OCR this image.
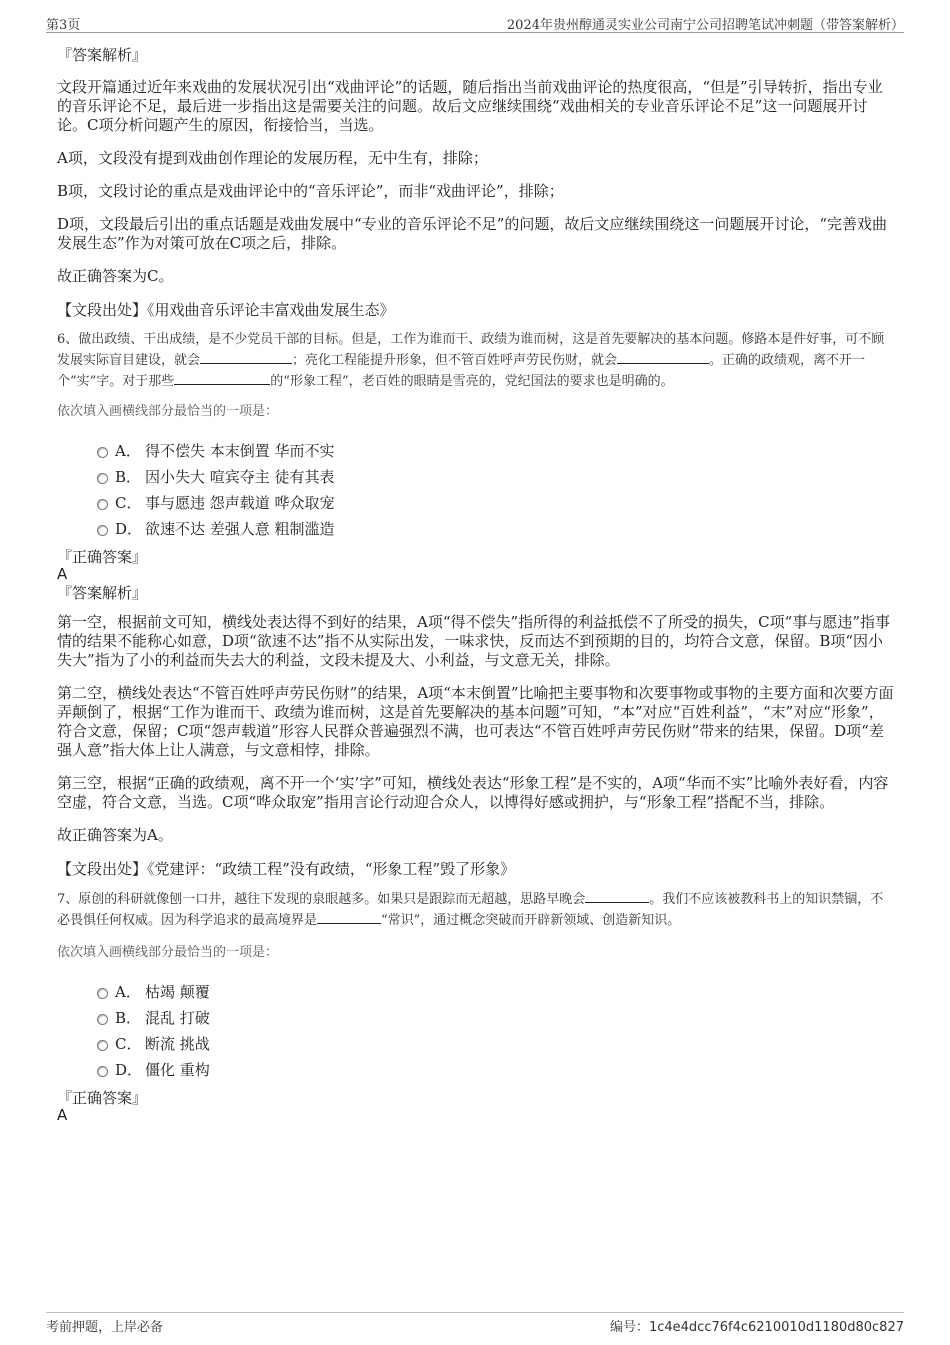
第3页	2024年贵州醇通灵实业公司南宁公司招聘笔试冲刺题（带答案解析）

『答案解析』

文段开篇通过近年来戏曲的发展状况引出“戏曲评论”的话题，随后指出当前戏曲评论的热度很高，“但是”引导转折，指出专业的音乐评论不足，最后进一步指出这是需要关注的问题。故后文应继续围绕“戏曲相关的专业音乐评论不足”这一问题展开讨论。C项分析问题产生的原因，衔接恰当，当选。

A项，文段没有提到戏曲创作理论的发展历程，无中生有，排除；

B项，文段讨论的重点是戏曲评论中的“音乐评论”，而非“戏曲评论”，排除；

D项，文段最后引出的重点话题是戏曲发展中“专业的音乐评论不足”的问题，故后文应继续围绕这一问题展开讨论，“完善戏曲发展生态”作为对策可放在C项之后，排除。

故正确答案为C。

【文段出处】《用戏曲音乐评论丰富戏曲发展生态》

6、做出政绩、干出成绩，是不少党员干部的目标。但是，工作为谁而干、政绩为谁而树，这是首先要解决的基本问题。修路本是件好事，可不顾发展实际盲目建设，就会	；亮化工程能提升形象，但不管百姓呼声劳民伤财，就会	。正确的政绩观，离不开一个“实”字。对于那些	的“形象工程”，老百姓的眼睛是雪亮的，党纪国法的要求也是明确的。

依次填入画横线部分最恰当的一项是：

A． 得不偿失 本末倒置 华而不实
B． 因小失大 喧宾夺主 徒有其表
C． 事与愿违 怨声载道 哗众取宠
D． 欲速不达 差强人意 粗制滥造

『正确答案』

A

『答案解析』

第一空，根据前文可知，横线处表达得不到好的结果，A项“得不偿失”指所得的利益抵偿不了所受的损失，C项“事与愿违”指事情的结果不能称心如意，D项“欲速不达”指不从实际出发，一味求快，反而达不到预期的目的，均符合文意，保留。B项“因小失大”指为了小的利益而失去大的利益，文段未提及大、小利益，与文意无关，排除。

第二空，横线处表达“不管百姓呼声劳民伤财”的结果，A项“本末倒置”比喻把主要事物和次要事物或事物的主要方面和次要方面弄颠倒了，根据“工作为谁而干、政绩为谁而树，这是首先要解决的基本问题”可知，“本”对应“百姓利益”，“末”对应“形象”，符合文意，保留；C项“怨声载道”形容人民群众普遍强烈不满，也可表达“不管百姓呼声劳民伤财”带来的结果，保留。D项“差强人意”指大体上让人满意，与文意相悖，排除。

第三空，根据“正确的政绩观，离不开一个‘实’字”可知，横线处表达“形象工程”是不实的，A项“华而不实”比喻外表好看，内容空虚，符合文意，当选。C项“哗众取宠”指用言论行动迎合众人，以博得好感或拥护，与“形象工程”搭配不当，排除。

故正确答案为A。

【文段出处】《党建评：“政绩工程”没有政绩，“形象工程”毁了形象》

7、原创的科研就像刨一口井，越往下发现的泉眼越多。如果只是跟踪而无超越，思路早晚会	。我们不应该被教科书上的知识禁锢，不必畏惧任何权威。因为科学追求的最高境界是	“常识”，通过概念突破而开辟新领域、创造新知识。

依次填入画横线部分最恰当的一项是：

A． 枯竭 颠覆
B． 混乱 打破
C． 断流 挑战
D． 僵化 重构

『正确答案』

A

考前押题，上岸必备	编号：1c4e4dcc76f4c6210010d1180d80c827
